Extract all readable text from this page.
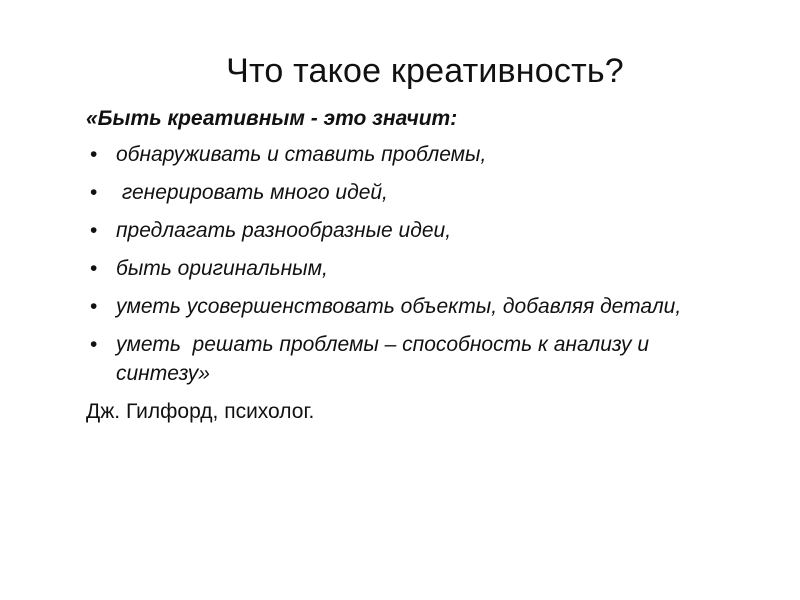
Что такое креативность?

«Быть креативным - это значит:

• обнаруживать и ставить проблемы,
• генерировать много идей,
• предлагать разнообразные идеи,
• быть оригинальным,
• уметь усовершенствовать объекты, добавляя детали,
• уметь  решать проблемы – способность к анализу и синтезу»
Дж. Гилфорд, психолог.
